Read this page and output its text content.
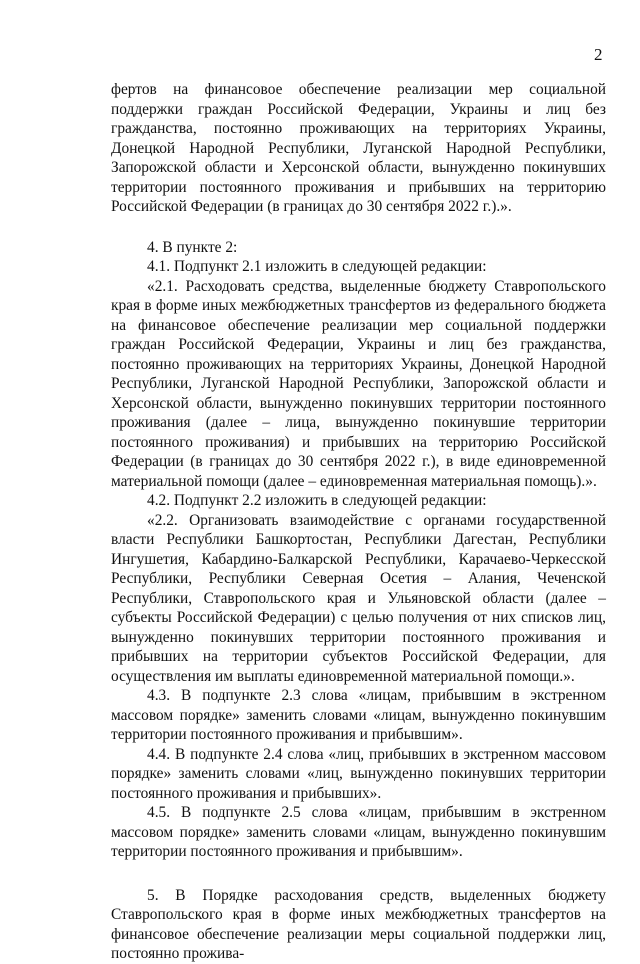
2

фертов на финансовое обеспечение реализации мер социальной поддержки граждан Российской Федерации, Украины и лиц без гражданства, постоянно проживающих на территориях Украины, Донецкой Народной Республики, Луганской Народной Республики, Запорожской области и Херсонской области, вынужденно покинувших территории постоянного проживания и прибывших на территорию Российской Федерации (в границах до 30 сентября 2022 г.).».

4. В пункте 2:

4.1. Подпункт 2.1 изложить в следующей редакции:

«2.1. Расходовать средства, выделенные бюджету Ставропольского края в форме иных межбюджетных трансфертов из федерального бюджета на финансовое обеспечение реализации мер социальной поддержки граждан Российской Федерации, Украины и лиц без гражданства, постоянно проживающих на территориях Украины, Донецкой Народной Республики, Луганской Народной Республики, Запорожской области и Херсонской области, вынужденно покинувших территории постоянного проживания (далее – лица, вынужденно покинувшие территории постоянного проживания) и прибывших на территорию Российской Федерации (в границах до 30 сентября 2022 г.), в виде единовременной материальной помощи (далее – единовременная материальная помощь).».

4.2. Подпункт 2.2 изложить в следующей редакции:

«2.2. Организовать взаимодействие с органами государственной власти Республики Башкортостан, Республики Дагестан, Республики Ингушетия, Кабардино-Балкарской Республики, Карачаево-Черкесской Республики, Республики Северная Осетия – Алания, Чеченской Республики, Ставропольского края и Ульяновской области (далее – субъекты Российской Федерации) с целью получения от них списков лиц, вынужденно покинувших территории постоянного проживания и прибывших на территории субъектов Российской Федерации, для осуществления им выплаты единовременной материальной помощи.».

4.3. В подпункте 2.3 слова «лицам, прибывшим в экстренном массовом порядке» заменить словами «лицам, вынужденно покинувшим территории постоянного проживания и прибывшим».

4.4. В подпункте 2.4 слова «лиц, прибывших в экстренном массовом порядке» заменить словами «лиц, вынужденно покинувших территории постоянного проживания и прибывших».

4.5. В подпункте 2.5 слова «лицам, прибывшим в экстренном массовом порядке» заменить словами «лицам, вынужденно покинувшим территории постоянного проживания и прибывшим».

5. В Порядке расходования средств, выделенных бюджету Ставропольского края в форме иных межбюджетных трансфертов на финансовое обеспечение реализации меры социальной поддержки лиц, постоянно прожива-
